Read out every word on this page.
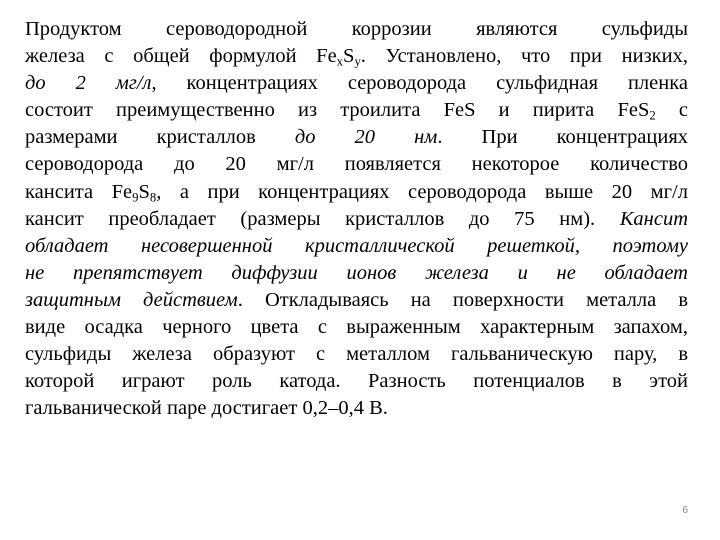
Продуктом сероводородной коррозии являются сульфиды
железа с общей формулой $Fe_xS_y$. Установлено, что при низких,
до 2 мг/л, концентрациях сероводорода сульфидная пленка
состоит преимущественно из троилита FeS и пирита FeS$_2$ с
размерами кристаллов до 20 нм. При концентрациях
сероводорода до 20 мг/л появляется некоторое количество
кансита $Fe_9S_8$, а при концентрациях сероводорода выше 20 мг/л
кансит преобладает (размеры кристаллов до 75 нм). Кансит
обладает несовершенной кристаллической решеткой, поэтому
не препятствует диффузии ионов железа и не обладает
защитным действием. Откладываясь на поверхности металла в
виде осадка черного цвета с выраженным характерным запахом,
сульфиды железа образуют с металлом гальваническую пару, в
которой играют роль катода. Разность потенциалов в этой
гальванической паре достигает 0,2–0,4 В.
6
